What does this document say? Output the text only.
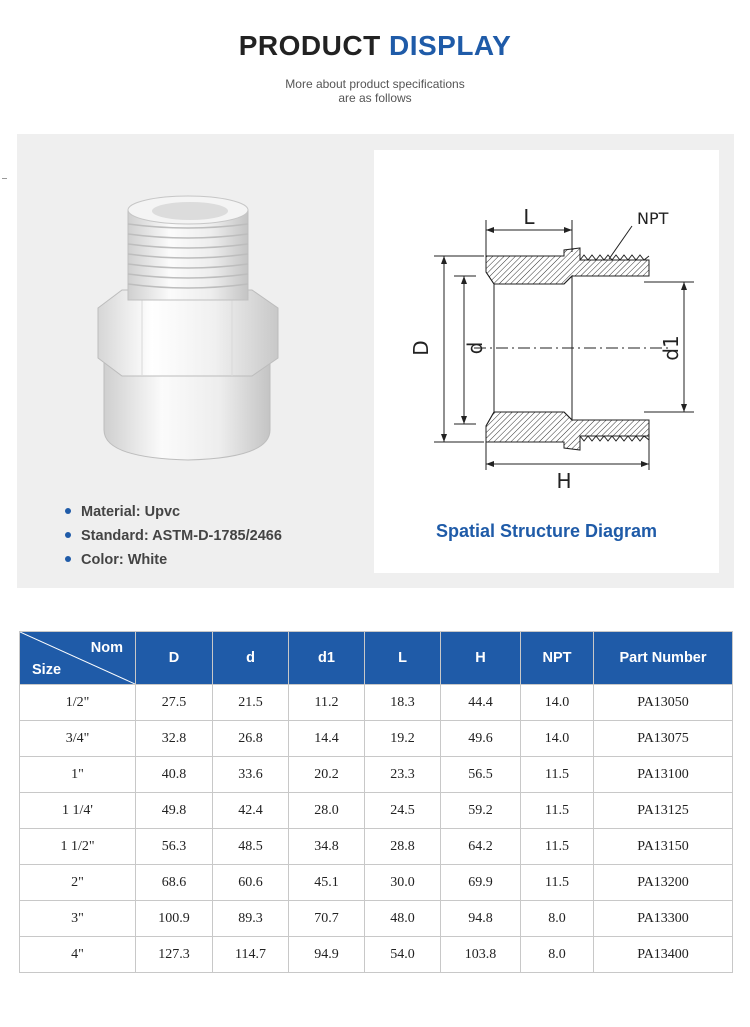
PRODUCT DISPLAY
More about product specifications
are as follows
Material: Upvc
Standard: ASTM-D-1785/2466
Color: White
L	NPT
H
D d	d1
Spatial Structure Diagram
Nom
Size	D	d	d1	L	H	NPT	Part Number
1/2"	27.5	21.5	11.2	18.3	44.4	14.0	PA13050
3/4"	32.8	26.8	14.4	19.2	49.6	14.0	PA13075
1"	40.8	33.6	20.2	23.3	56.5	11.5	PA13100
1 1/4'	49.8	42.4	28.0	24.5	59.2	11.5	PA13125
1 1/2"	56.3	48.5	34.8	28.8	64.2	11.5	PA13150
2"	68.6	60.6	45.1	30.0	69.9	11.5	PA13200
3"	100.9	89.3	70.7	48.0	94.8	8.0	PA13300
4"	127.3	114.7	94.9	54.0	103.8	8.0	PA13400
